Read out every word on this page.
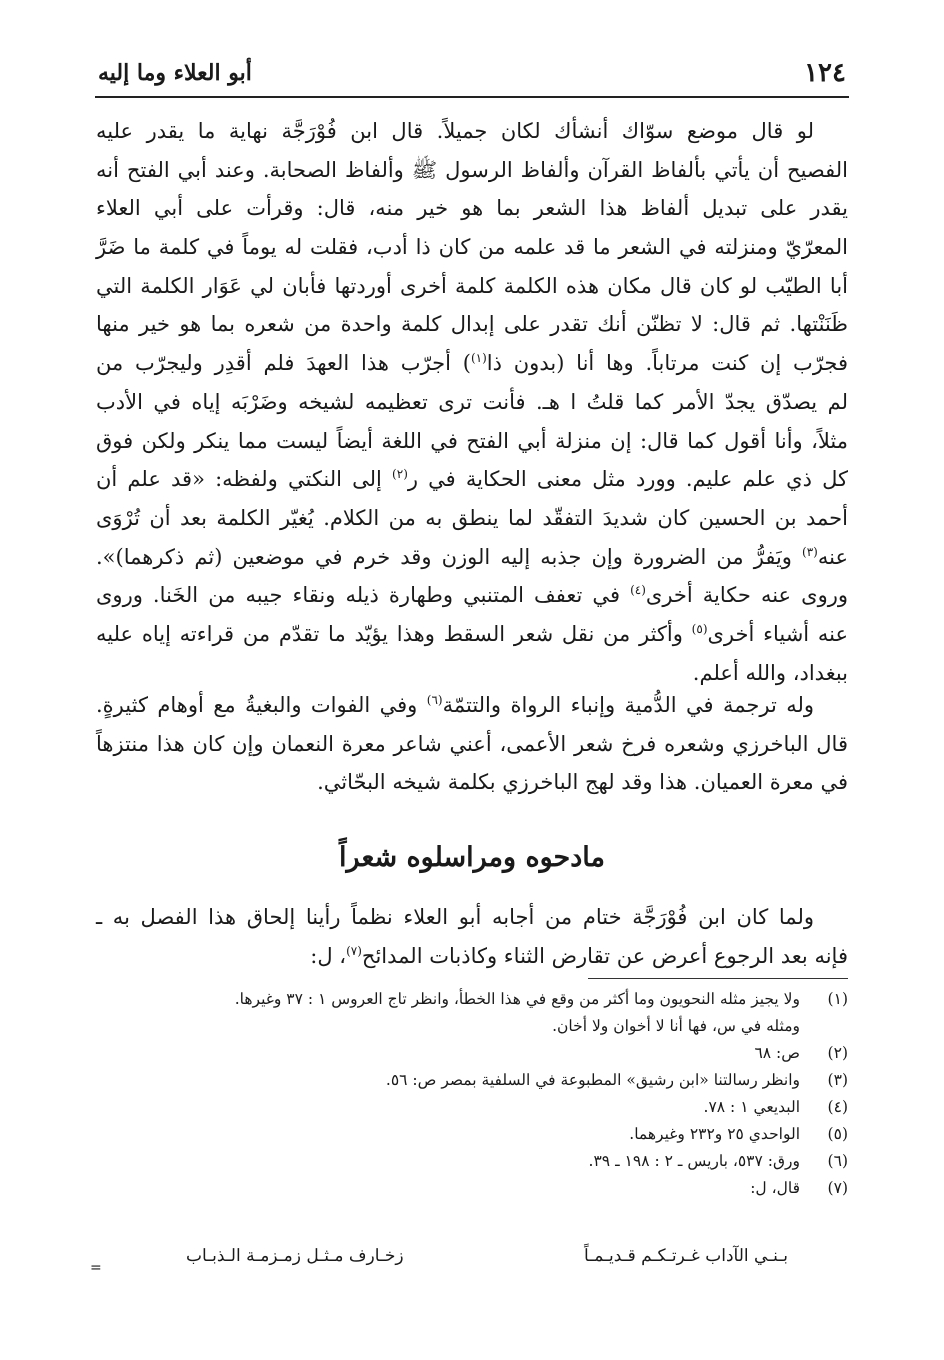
١٢٤
أبو العلاء وما إليه
لو قال موضع سوّاك أنشأك لكان جميلاً. قال ابن فُوْرَجَّة نهاية ما يقدر عليه
الفصيح أن يأتي بألفاظ القرآن وألفاظ الرسول ﷺ وألفاظ الصحابة. وعند أبي الفتح أنه
يقدر على تبديل ألفاظ هذا الشعر بما هو خير منه، قال: وقرأت على أبي العلاء
المعرّيّ ومنزلته في الشعر ما قد علمه من كان ذا أدب، فقلت له يوماً في كلمة ما ضَرَّ
أبا الطيّب لو كان قال مكان هذه الكلمة كلمة أخرى أوردتها فأبان لي عَوَار الكلمة التي
ظَنَنْتها. ثم قال: لا تظنّن أنك تقدر على إبدال كلمة واحدة من شعره بما هو خير منها
فجرّب إن كنت مرتاباً. وها أنا (بدون ذا$^{(١)}$) أجرّب هذا العهدَ فلم أقدِر وليجرّب من
لم يصدّق يجدّ الأمر كما قلتُ ا هـ. فأنت ترى تعظيمه لشيخه وضَرْبَه إياه في الأدب
مثلاً، وأنا أقول كما قال: إن منزلة أبي الفتح في اللغة أيضاً ليست مما ينكر ولكن فوق
كل ذي علم عليم. وورد مثل معنى الحكاية في ر$^{(٢)}$ إلى النكتي ولفظه: «قد علم أن
أحمد بن الحسين كان شديدَ التفقّد لما ينطق به من الكلام. يُغيّر الكلمة بعد أن تُرْوَى
عنه$^{(٣)}$ ويَفرُّ من الضرورة وإن جذبه إليه الوزن وقد خرم في موضعين (ثم ذكرهما)».
وروى عنه حكاية أخرى$^{(٤)}$ في تعفف المتنبي وطهارة ذيله ونقاء جيبه من الخَنا. وروى
عنه أشياء أخرى$^{(٥)}$ وأكثر من نقل شعر السقط وهذا يؤيّد ما تقدّم من قراءته إياه عليه
ببغداد، والله أعلم.
وله ترجمة في الدُّمية وإنباء الرواة والتتمّة$^{(٦)}$ وفي الفوات والبغيةُ مع أوهام كثيرةٍ.
قال الباخرزي وشعره فرخ شعر الأعمى، أعني شاعر معرة النعمان وإن كان هذا منتزهاً
في معرة العميان. هذا وقد لهج الباخرزي بكلمة شيخه البحّاثي.
مادحوه ومراسلوه شعراً
ولما كان ابن فُوْرَجَّة ختام من أجابه أبو العلاء نظماً رأينا إلحاق هذا الفصل به ـ
فإنه بعد الرجوع أعرض عن تقارض الثناء وكاذبات المدائح$^{(٧)}$، ل:
(١)
ولا يجيز مثله النحويون وما أكثر من وقع في هذا الخطأ، وانظر تاج العروس ١ : ٣٧ وغيرها.
ومثله في س، فها أنا لا أخوان ولا أخان.
(٢)
ص: ٦٨
(٣)
وانظر رسالتنا «ابن رشيق» المطبوعة في السلفية بمصر ص: ٥٦.
(٤)
البديعي ١ : ٧٨.
(٥)
الواحدي ٢٥ و٢٣٢ وغيرهما.
(٦)
ورق: ٥٣٧، باريس ـ ٢ : ١٩٨ ـ ٣٩.
(٧)
قال، ل:
بـنـي الآداب غـرتـكـم قـديـمـاً
زخـارف مـثـل زمـزمـة الـذبـاب
=
